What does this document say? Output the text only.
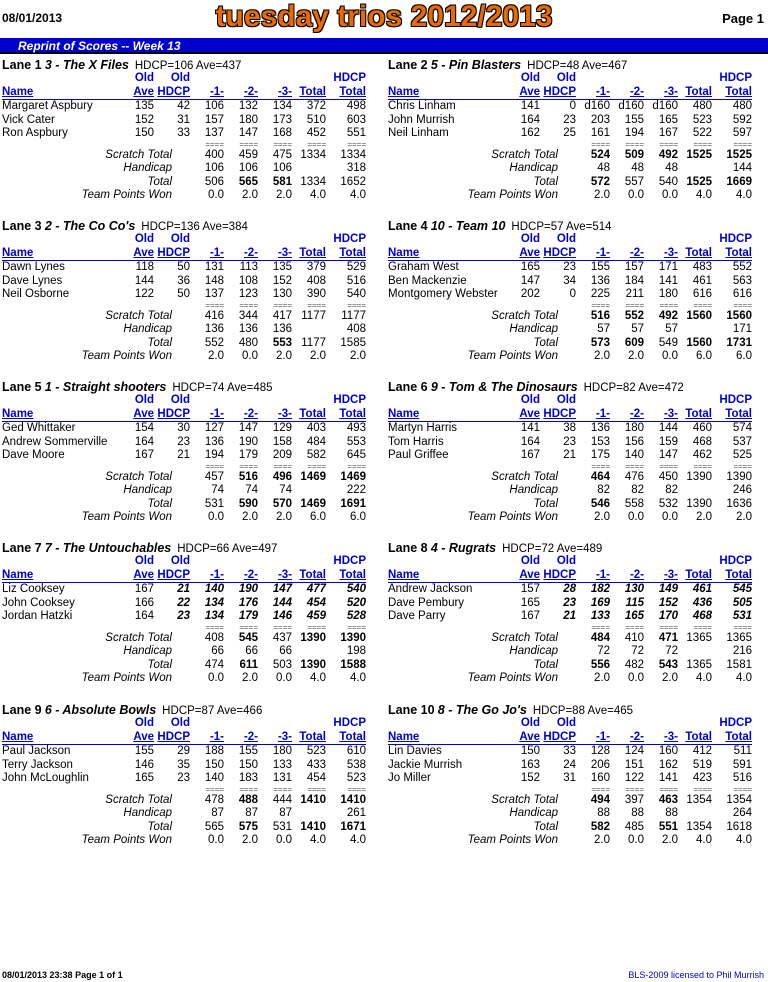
08/01/2013	tuesday trios 2012/2013	Page 1
Reprint of Scores -- Week 13
Lane 1 3 - The X Files HDCP=106 Ave=437
	Old	Old					HDCP
Name	Ave	HDCP	-1-	-2-	-3-	Total	Total
Margaret Aspbury	135	42	106	132	134	372	498
Vick Cater	152	31	157	180	173	510	603
Ron Aspbury	150	33	137	147	168	452	551
			====	====	====	====	====
Scratch Total			400	459	475	1334	1334
Handicap			106	106	106		318
Total			506	565	581	1334	1652
Team Points Won			0.0	2.0	2.0	4.0	4.0
Lane 2 5 - Pin Blasters HDCP=48 Ave=467
	Old	Old					HDCP
Name	Ave	HDCP	-1-	-2-	-3-	Total	Total
Chris Linham	141	0	d160	d160	d160	480	480
John Murrish	164	23	203	155	165	523	592
Neil Linham	162	25	161	194	167	522	597
			====	====	====	====	====
Scratch Total			524	509	492	1525	1525
Handicap			48	48	48		144
Total			572	557	540	1525	1669
Team Points Won			2.0	0.0	0.0	4.0	4.0
Lane 3 2 - The Co Co's HDCP=136 Ave=384
	Old	Old					HDCP
Name	Ave	HDCP	-1-	-2-	-3-	Total	Total
Dawn Lynes	118	50	131	113	135	379	529
Dave Lynes	144	36	148	108	152	408	516
Neil Osborne	122	50	137	123	130	390	540
			====	====	====	====	====
Scratch Total			416	344	417	1177	1177
Handicap			136	136	136		408
Total			552	480	553	1177	1585
Team Points Won			2.0	0.0	2.0	2.0	2.0
Lane 4 10 - Team 10 HDCP=57 Ave=514
	Old	Old					HDCP
Name	Ave	HDCP	-1-	-2-	-3-	Total	Total
Graham West	165	23	155	157	171	483	552
Ben Mackenzie	147	34	136	184	141	461	563
Montgomery Webster	202	0	225	211	180	616	616
			====	====	====	====	====
Scratch Total			516	552	492	1560	1560
Handicap			57	57	57		171
Total			573	609	549	1560	1731
Team Points Won			2.0	2.0	0.0	6.0	6.0
Lane 5 1 - Straight shooters HDCP=74 Ave=485
	Old	Old					HDCP
Name	Ave	HDCP	-1-	-2-	-3-	Total	Total
Ged Whittaker	154	30	127	147	129	403	493
Andrew Sommerville	164	23	136	190	158	484	553
Dave Moore	167	21	194	179	209	582	645
			====	====	====	====	====
Scratch Total			457	516	496	1469	1469
Handicap			74	74	74		222
Total			531	590	570	1469	1691
Team Points Won			0.0	2.0	2.0	6.0	6.0
Lane 6 9 - Tom & The Dinosaurs HDCP=82 Ave=472
	Old	Old					HDCP
Name	Ave	HDCP	-1-	-2-	-3-	Total	Total
Martyn Harris	141	38	136	180	144	460	574
Tom Harris	164	23	153	156	159	468	537
Paul Griffee	167	21	175	140	147	462	525
			====	====	====	====	====
Scratch Total			464	476	450	1390	1390
Handicap			82	82	82		246
Total			546	558	532	1390	1636
Team Points Won			2.0	0.0	0.0	2.0	2.0
Lane 7 7 - The Untouchables HDCP=66 Ave=497
	Old	Old					HDCP
Name	Ave	HDCP	-1-	-2-	-3-	Total	Total
Liz Cooksey	167	21	140	190	147	477	540
John Cooksey	166	22	134	176	144	454	520
Jordan Hatzki	164	23	134	179	146	459	528
			====	====	====	====	====
Scratch Total			408	545	437	1390	1390
Handicap			66	66	66		198
Total			474	611	503	1390	1588
Team Points Won			0.0	2.0	0.0	4.0	4.0
Lane 8 4 - Rugrats HDCP=72 Ave=489
	Old	Old					HDCP
Name	Ave	HDCP	-1-	-2-	-3-	Total	Total
Andrew Jackson	157	28	182	130	149	461	545
Dave Pembury	165	23	169	115	152	436	505
Dave Parry	167	21	133	165	170	468	531
			====	====	====	====	====
Scratch Total			484	410	471	1365	1365
Handicap			72	72	72		216
Total			556	482	543	1365	1581
Team Points Won			2.0	0.0	2.0	4.0	4.0
Lane 9 6 - Absolute Bowls HDCP=87 Ave=466
	Old	Old					HDCP
Name	Ave	HDCP	-1-	-2-	-3-	Total	Total
Paul Jackson	155	29	188	155	180	523	610
Terry Jackson	146	35	150	150	133	433	538
John McLoughlin	165	23	140	183	131	454	523
			====	====	====	====	====
Scratch Total			478	488	444	1410	1410
Handicap			87	87	87		261
Total			565	575	531	1410	1671
Team Points Won			0.0	2.0	0.0	4.0	4.0
Lane 10 8 - The Go Jo's HDCP=88 Ave=465
	Old	Old					HDCP
Name	Ave	HDCP	-1-	-2-	-3-	Total	Total
Lin Davies	150	33	128	124	160	412	511
Jackie Murrish	163	24	206	151	162	519	591
Jo Miller	152	31	160	122	141	423	516
			====	====	====	====	====
Scratch Total			494	397	463	1354	1354
Handicap			88	88	88		264
Total			582	485	551	1354	1618
Team Points Won			2.0	0.0	2.0	4.0	4.0
08/01/2013 23:38 Page 1 of 1	BLS-2009 licensed to Phil Murrish
